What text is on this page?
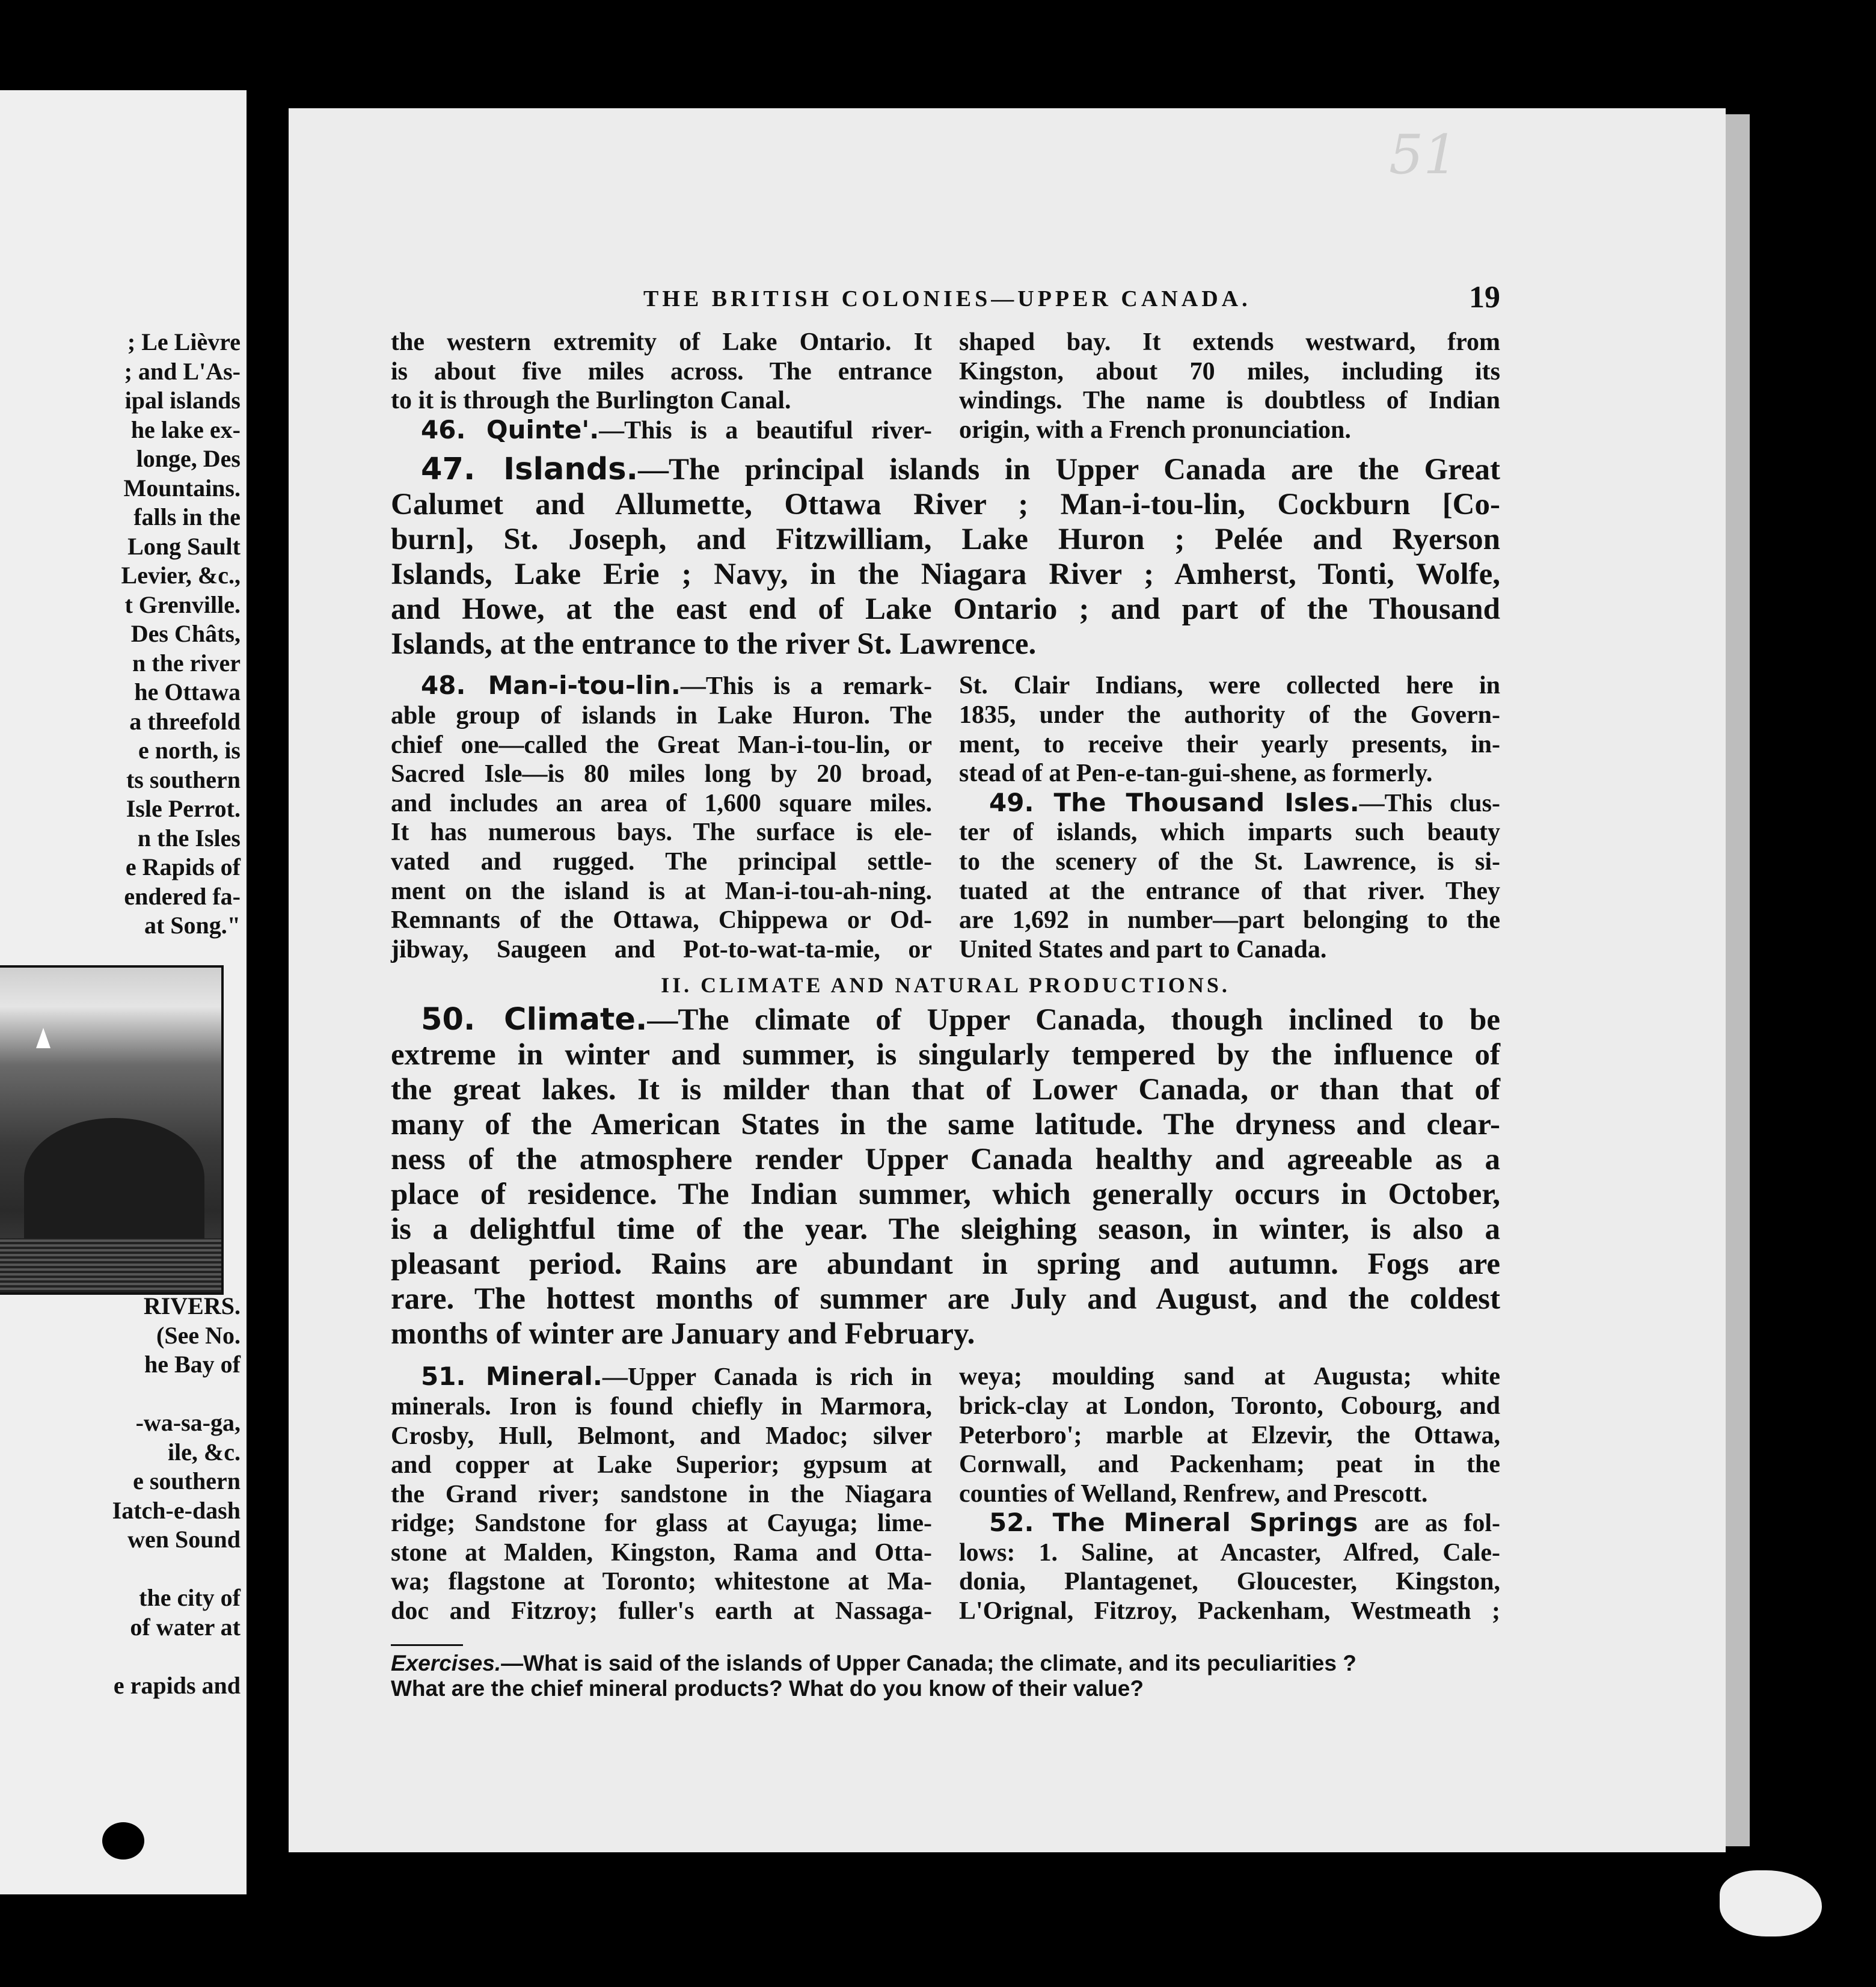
; Le Lièvre
; and L'As-
ipal islands
he lake ex-
longe, Des
Mountains.
falls in the
Long Sault
Levier, &c.,
t Grenville.
Des Châts,
n the river
he Ottawa
a threefold
e north, is
ts southern
Isle Perrot.
n the Isles
e Rapids of
endered fa-
at Song."
RIVERS.
(See No.
he Bay of

-wa-sa-ga,
ile, &c.
e southern
Iatch-e-dash
wen Sound

the city of
of water at

e rapids and
51
THE BRITISH COLONIES—UPPER CANADA.	19
the western extremity of Lake Ontario. It
is about five miles across. The entrance
to it is through the Burlington Canal.
46. Quinte'.—This is a beautiful river-
shaped bay. It extends westward, from
Kingston, about 70 miles, including its
windings. The name is doubtless of Indian
origin, with a French pronunciation.
47. Islands.—The principal islands in Upper Canada are the Great
Calumet and Allumette, Ottawa River ; Man-i-tou-lin, Cockburn [Co-
burn], St. Joseph, and Fitzwilliam, Lake Huron ; Pelée and Ryerson
Islands, Lake Erie ; Navy, in the Niagara River ; Amherst, Tonti, Wolfe,
and Howe, at the east end of Lake Ontario ; and part of the Thousand
Islands, at the entrance to the river St. Lawrence.
48. Man-i-tou-lin.—This is a remark-
able group of islands in Lake Huron. The
chief one—called the Great Man-i-tou-lin, or
Sacred Isle—is 80 miles long by 20 broad,
and includes an area of 1,600 square miles.
It has numerous bays. The surface is ele-
vated and rugged. The principal settle-
ment on the island is at Man-i-tou-ah-ning.
Remnants of the Ottawa, Chippewa or Od-
jibway, Saugeen and Pot-to-wat-ta-mie, or
St. Clair Indians, were collected here in
1835, under the authority of the Govern-
ment, to receive their yearly presents, in-
stead of at Pen-e-tan-gui-shene, as formerly.
49. The Thousand Isles.—This clus-
ter of islands, which imparts such beauty
to the scenery of the St. Lawrence, is si-
tuated at the entrance of that river. They
are 1,692 in number—part belonging to the
United States and part to Canada.
II. CLIMATE AND NATURAL PRODUCTIONS.
50. Climate.—The climate of Upper Canada, though inclined to be
extreme in winter and summer, is singularly tempered by the influence of
the great lakes. It is milder than that of Lower Canada, or than that of
many of the American States in the same latitude. The dryness and clear-
ness of the atmosphere render Upper Canada healthy and agreeable as a
place of residence. The Indian summer, which generally occurs in October,
is a delightful time of the year. The sleighing season, in winter, is also a
pleasant period. Rains are abundant in spring and autumn. Fogs are
rare. The hottest months of summer are July and August, and the coldest
months of winter are January and February.
51. Mineral.—Upper Canada is rich in
minerals. Iron is found chiefly in Marmora,
Crosby, Hull, Belmont, and Madoc; silver
and copper at Lake Superior; gypsum at
the Grand river; sandstone in the Niagara
ridge; Sandstone for glass at Cayuga; lime-
stone at Malden, Kingston, Rama and Otta-
wa; flagstone at Toronto; whitestone at Ma-
doc and Fitzroy; fuller's earth at Nassaga-
weya; moulding sand at Augusta; white
brick-clay at London, Toronto, Cobourg, and
Peterboro'; marble at Elzevir, the Ottawa,
Cornwall, and Packenham; peat in the
counties of Welland, Renfrew, and Prescott.
52. The Mineral Springs are as fol-
lows: 1. Saline, at Ancaster, Alfred, Cale-
donia, Plantagenet, Gloucester, Kingston,
L'Orignal, Fitzroy, Packenham, Westmeath ;
Exercises.—What is said of the islands of Upper Canada; the climate, and its peculiarities ?
What are the chief mineral products? What do you know of their value?
